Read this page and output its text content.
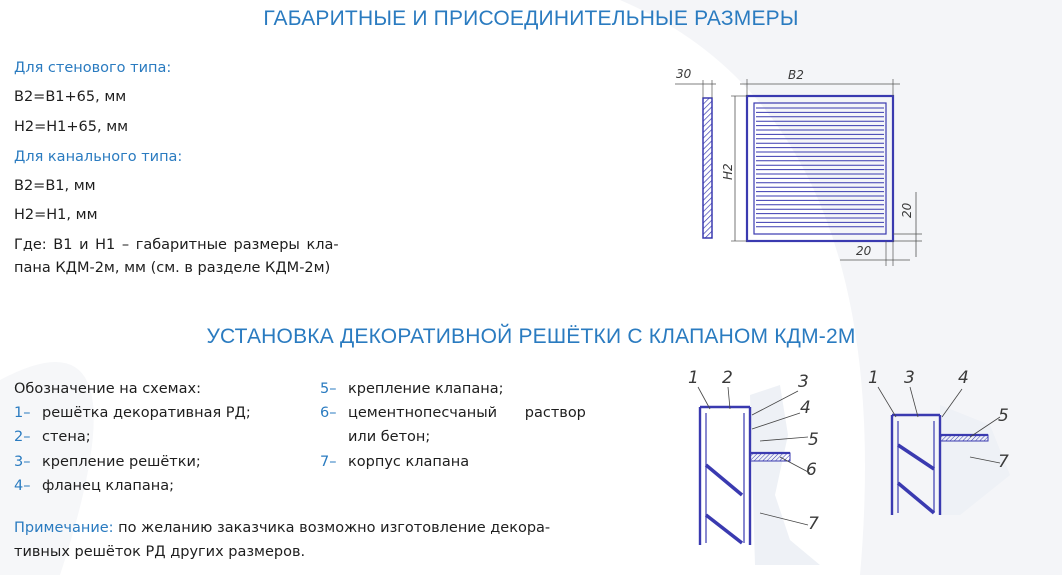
ГАБАРИТНЫЕ И ПРИСОЕДИНИТЕЛЬНЫЕ РАЗМЕРЫ
Для стенового типа:
B2=B1+65, мм
H2=H1+65, мм
Для канального типа:
B2=B1, мм
H2=H1, мм
Где: B1 и H1 – габаритные размеры кла-
пана КДМ-2м, мм (см. в разделе КДМ-2м)
30	B2
H2
20
20
УСТАНОВКА ДЕКОРАТИВНОЙ РЕШЁТКИ С КЛАПАНОМ КДМ-2М
Обозначение на схемах:
1– решётка декоративная РД;
2– стена;
3– крепление решётки;
4– фланец клапана;
5– крепление клапана;
6– цементнопесчаный      раствор
или бетон;
7– корпус клапана
Примечание: по желанию заказчика возможно изготовление декора-
тивных решёток РД других размеров.
1 2	3
4
5
6
7
1 3	4
5
7
